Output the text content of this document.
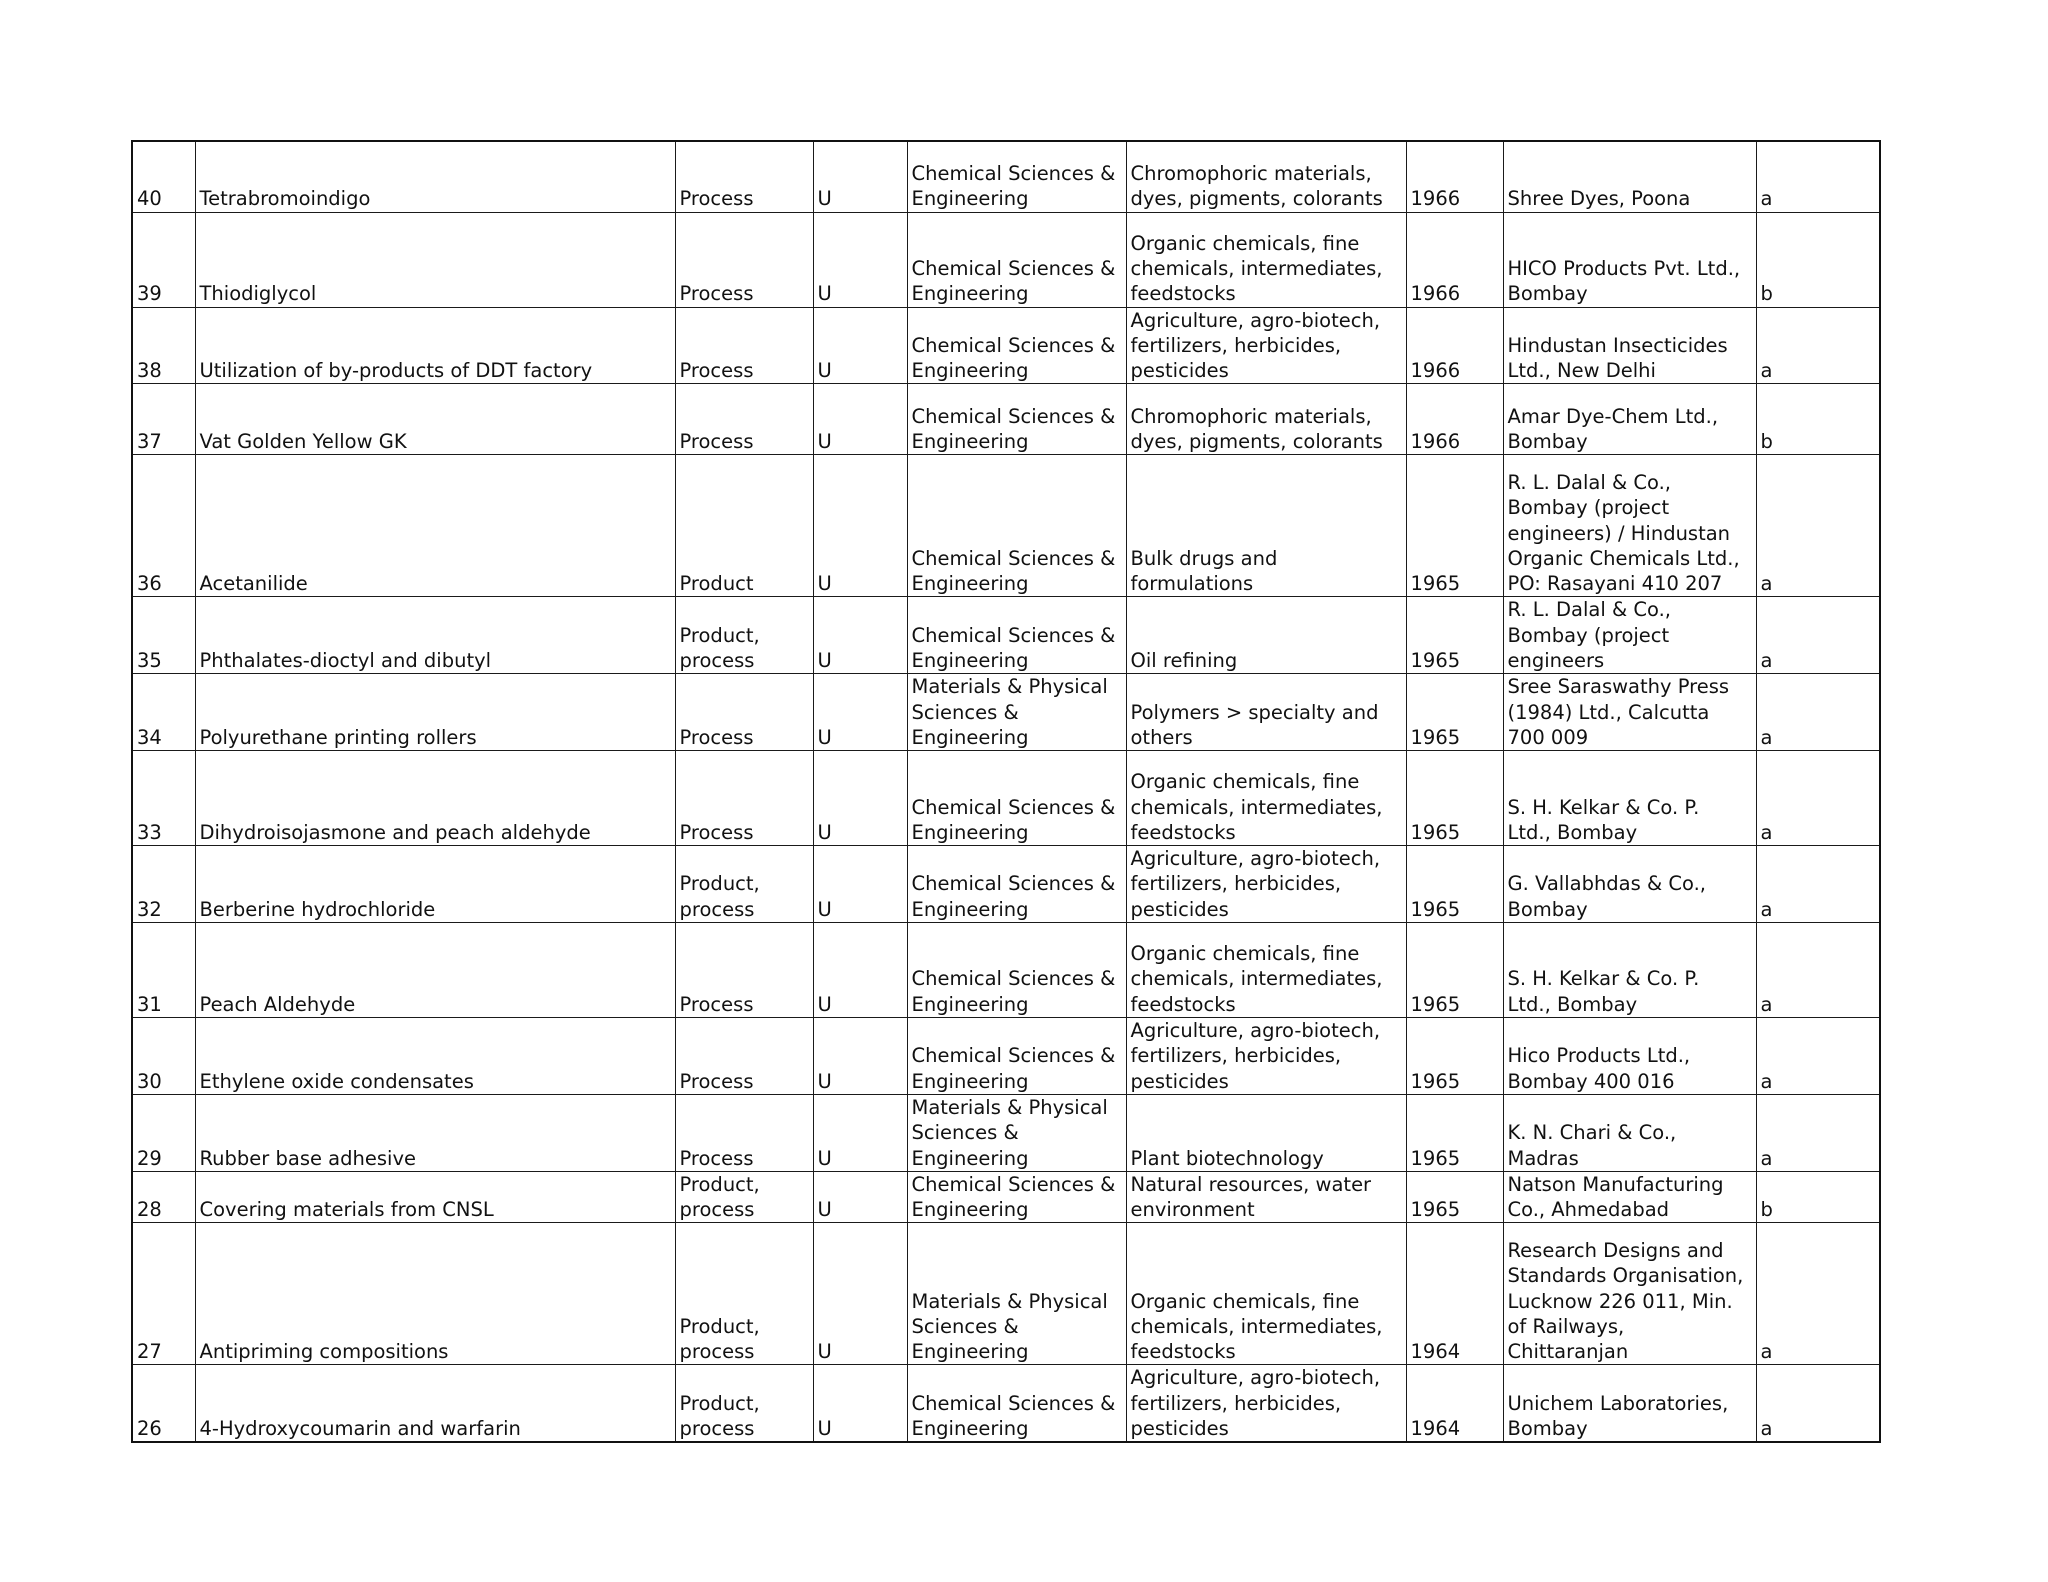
40	Tetrabromoindigo	Process	U	Chemical Sciences &
Engineering	Chromophoric materials,
dyes, pigments, colorants	1966	Shree Dyes, Poona	a
39	Thiodiglycol	Process	U	Chemical Sciences &
Engineering	Organic chemicals, fine
chemicals, intermediates,
feedstocks	1966	HICO Products Pvt. Ltd.,
Bombay	b
38	Utilization of by-products of DDT factory	Process	U	Chemical Sciences &
Engineering	Agriculture, agro-biotech,
fertilizers, herbicides,
pesticides	1966	Hindustan Insecticides
Ltd., New Delhi	a
37	Vat Golden Yellow GK	Process	U	Chemical Sciences &
Engineering	Chromophoric materials,
dyes, pigments, colorants	1966	Amar Dye-Chem Ltd.,
Bombay	b
36	Acetanilide	Product	U	Chemical Sciences &
Engineering	Bulk drugs and
formulations	1965	R. L. Dalal & Co.,
Bombay (project
engineers) / Hindustan
Organic Chemicals Ltd.,
PO: Rasayani 410 207	a
35	Phthalates-dioctyl and dibutyl	Product,
process	U	Chemical Sciences &
Engineering	Oil refining	1965	R. L. Dalal & Co.,
Bombay (project
engineers	a
34	Polyurethane printing rollers	Process	U	Materials & Physical
Sciences &
Engineering	Polymers > specialty and
others	1965	Sree Saraswathy Press
(1984) Ltd., Calcutta
700 009	a
33	Dihydroisojasmone and peach aldehyde	Process	U	Chemical Sciences &
Engineering	Organic chemicals, fine
chemicals, intermediates,
feedstocks	1965	S. H. Kelkar & Co. P.
Ltd., Bombay	a
32	Berberine hydrochloride	Product,
process	U	Chemical Sciences &
Engineering	Agriculture, agro-biotech,
fertilizers, herbicides,
pesticides	1965	G. Vallabhdas & Co.,
Bombay	a
31	Peach Aldehyde	Process	U	Chemical Sciences &
Engineering	Organic chemicals, fine
chemicals, intermediates,
feedstocks	1965	S. H. Kelkar & Co. P.
Ltd., Bombay	a
30	Ethylene oxide condensates	Process	U	Chemical Sciences &
Engineering	Agriculture, agro-biotech,
fertilizers, herbicides,
pesticides	1965	Hico Products Ltd.,
Bombay 400 016	a
29	Rubber base adhesive	Process	U	Materials & Physical
Sciences &
Engineering	Plant biotechnology	1965	K. N. Chari & Co.,
Madras	a
28	Covering materials from CNSL	Product,
process	U	Chemical Sciences &
Engineering	Natural resources, water
environment	1965	Natson Manufacturing
Co., Ahmedabad	b
27	Antipriming compositions	Product,
process	U	Materials & Physical
Sciences &
Engineering	Organic chemicals, fine
chemicals, intermediates,
feedstocks	1964	Research Designs and
Standards Organisation,
Lucknow 226 011, Min.
of Railways,
Chittaranjan	a
26	4-Hydroxycoumarin and warfarin	Product,
process	U	Chemical Sciences &
Engineering	Agriculture, agro-biotech,
fertilizers, herbicides,
pesticides	1964	Unichem Laboratories,
Bombay	a
